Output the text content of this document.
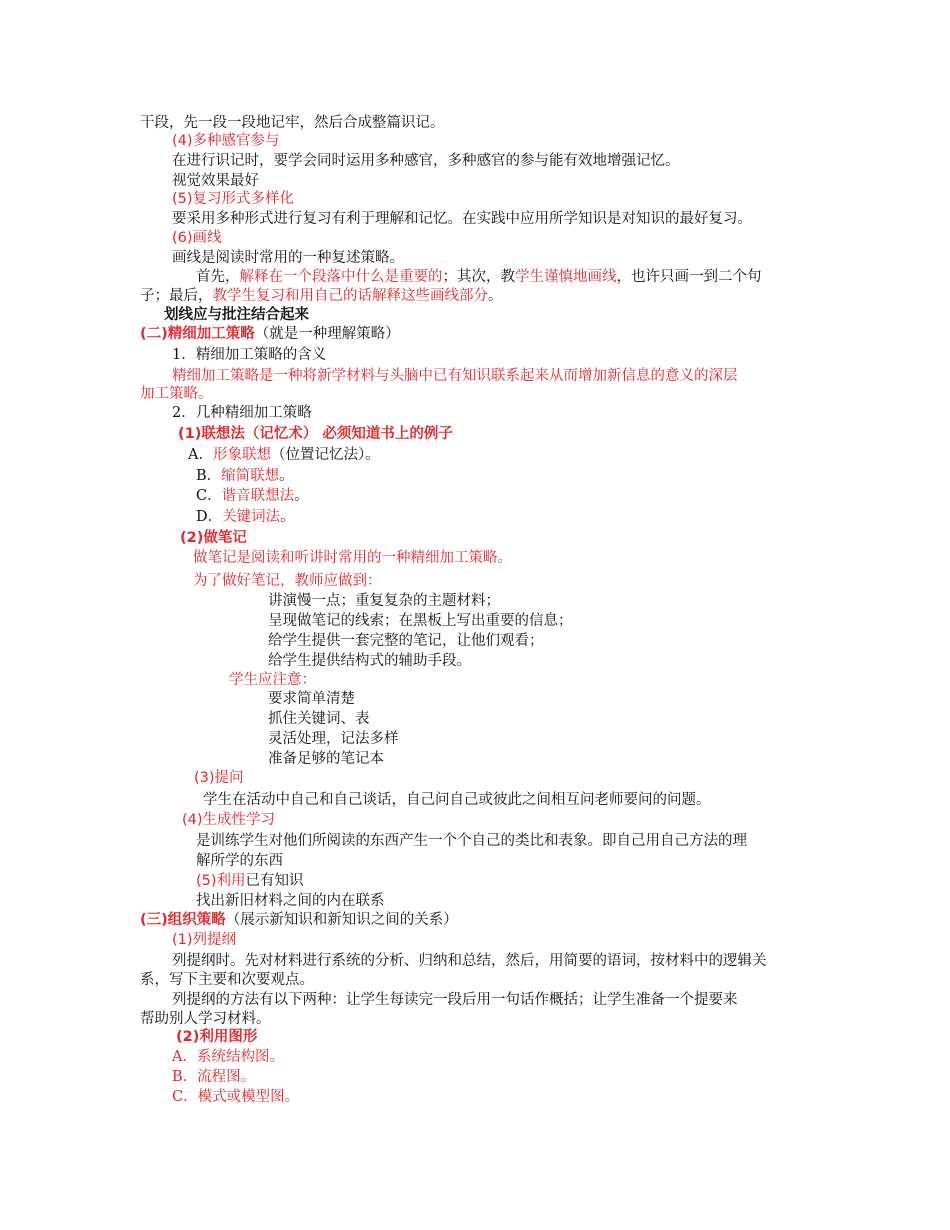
干段，先一段一段地记牢，然后合成整篇识记。
(4)多种感官参与
在进行识记时，要学会同时运用多种感官，多种感官的参与能有效地增强记忆。
视觉效果最好
(5)复习形式多样化
要采用多种形式进行复习有利于理解和记忆。在实践中应用所学知识是对知识的最好复习。
(6)画线
画线是阅读时常用的一种复述策略。
首先，解释在一个段落中什么是重要的；其次，教学生谨慎地画线，也许只画一到二个句
子；最后，教学生复习和用自己的话解释这些画线部分。
划线应与批注结合起来
(二)精细加工策略（就是一种理解策略）
1．精细加工策略的含义
精细加工策略是一种将新学材料与头脑中已有知识联系起来从而增加新信息的意义的深层
加工策略。
2．几种精细加工策略
(1)联想法（记忆术） 必须知道书上的例子
A．形象联想（位置记忆法）。
B．缩简联想。
C．谐音联想法。
D．关键词法。
(2)做笔记
做笔记是阅读和听讲时常用的一种精细加工策略。
为了做好笔记，教师应做到：
讲演慢一点；重复复杂的主题材料；
呈现做笔记的线索；在黑板上写出重要的信息；
给学生提供一套完整的笔记，让他们观看；
给学生提供结构式的辅助手段。
学生应注意：
要求简单清楚
抓住关键词、表
灵活处理，记法多样
准备足够的笔记本
(3)提问
学生在活动中自己和自己谈话，自己问自己或彼此之间相互问老师要问的问题。
(4)生成性学习
是训练学生对他们所阅读的东西产生一个个自己的类比和表象。即自己用自己方法的理
解所学的东西
(5)利用已有知识
找出新旧材料之间的内在联系
(三)组织策略（展示新知识和新知识之间的关系）
(1)列提纲
列提纲时。先对材料进行系统的分析、归纳和总结，然后，用简要的语词，按材料中的逻辑关
系，写下主要和次要观点。
列提纲的方法有以下两种：让学生每读完一段后用一句话作概括；让学生准备一个提要来
帮助别人学习材料。
(2)利用图形
A．系统结构图。
B．流程图。
C．模式或模型图。
